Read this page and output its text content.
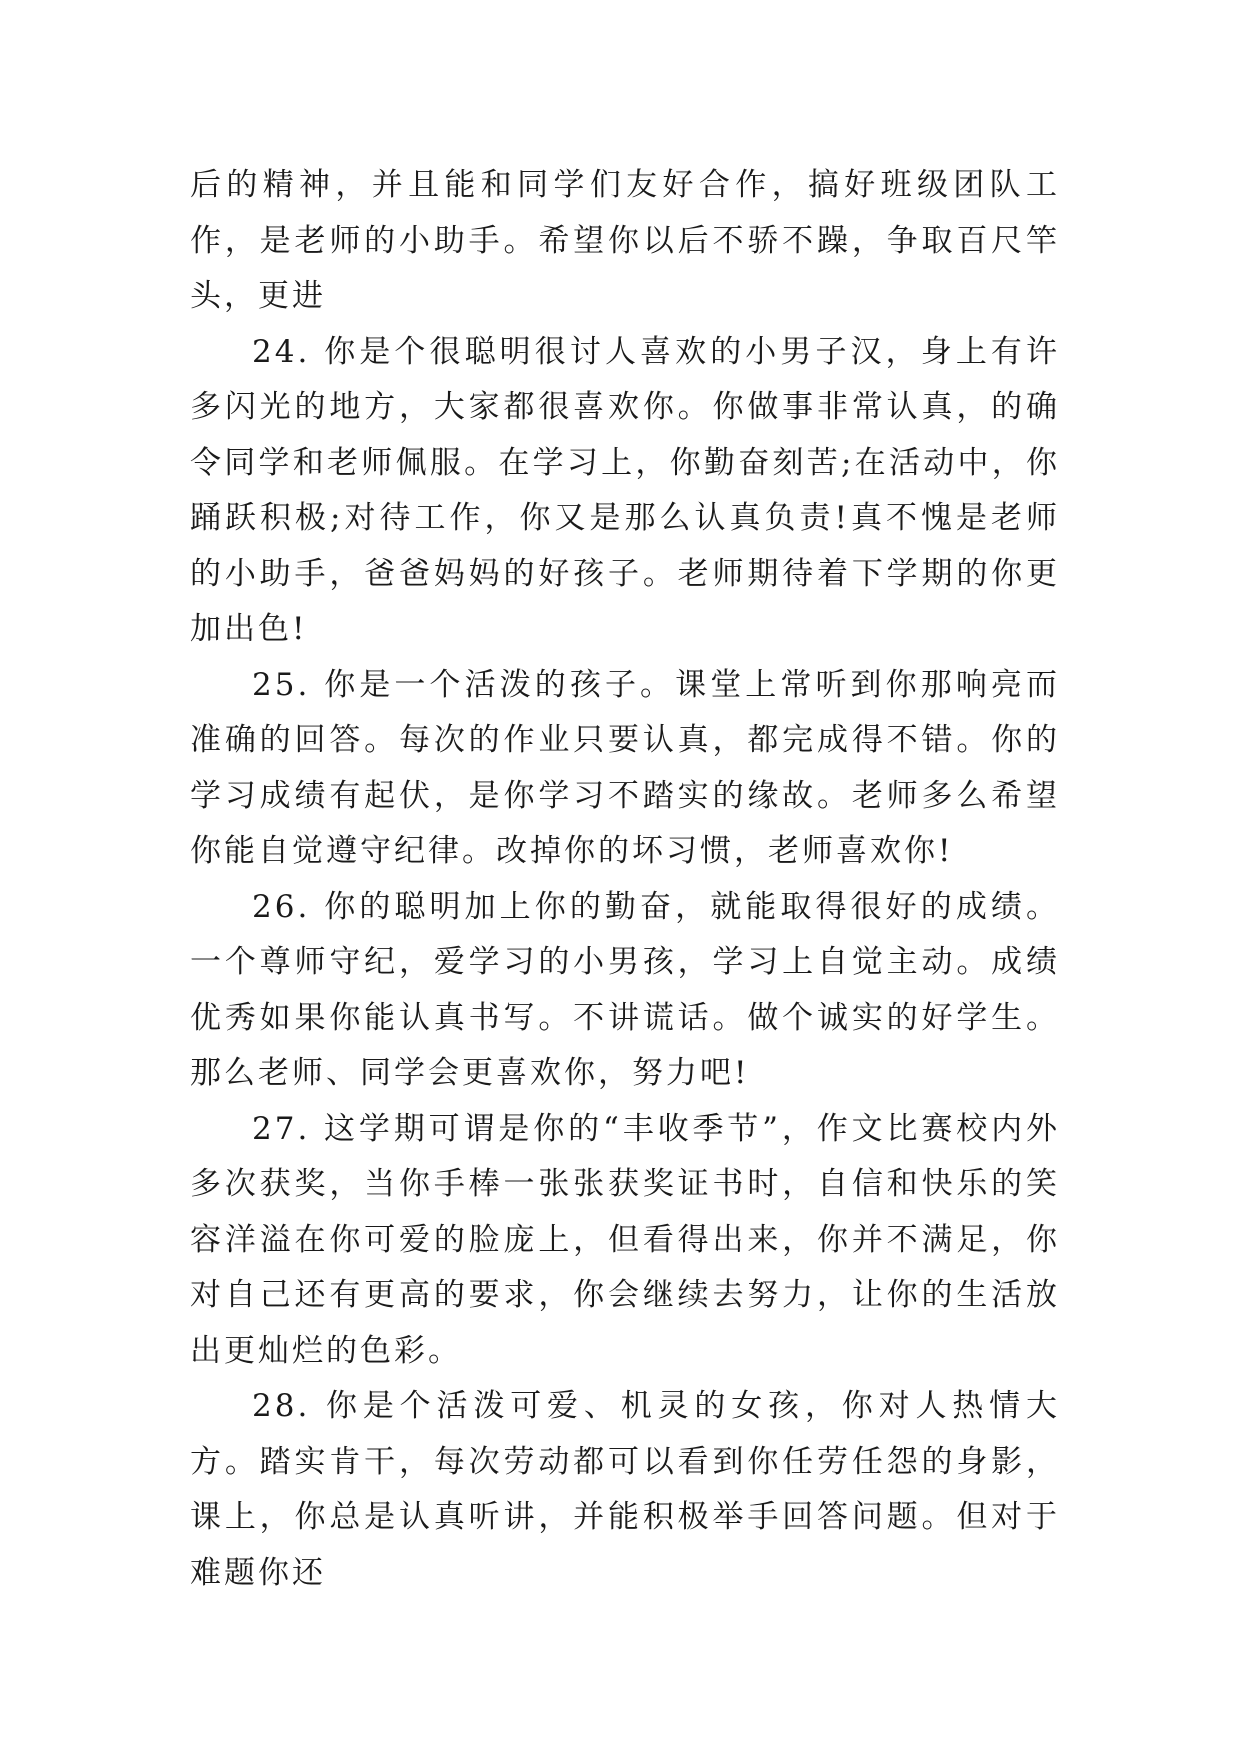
后的精神，并且能和同学们友好合作，搞好班级团队工作，是老师的小助手。希望你以后不骄不躁，争取百尺竿头，更进

24. 你是个很聪明很讨人喜欢的小男子汉，身上有许多闪光的地方，大家都很喜欢你。你做事非常认真，的确令同学和老师佩服。在学习上，你勤奋刻苦;在活动中，你踊跃积极;对待工作，你又是那么认真负责!真不愧是老师的小助手，爸爸妈妈的好孩子。老师期待着下学期的你更加出色!

25. 你是一个活泼的孩子。课堂上常听到你那响亮而准确的回答。每次的作业只要认真，都完成得不错。你的学习成绩有起伏，是你学习不踏实的缘故。老师多么希望你能自觉遵守纪律。改掉你的坏习惯，老师喜欢你!

26. 你的聪明加上你的勤奋，就能取得很好的成绩。一个尊师守纪，爱学习的小男孩，学习上自觉主动。成绩优秀如果你能认真书写。不讲谎话。做个诚实的好学生。那么老师、同学会更喜欢你，努力吧!

27. 这学期可谓是你的“丰收季节”，作文比赛校内外多次获奖，当你手棒一张张获奖证书时，自信和快乐的笑容洋溢在你可爱的脸庞上，但看得出来，你并不满足，你对自己还有更高的要求，你会继续去努力，让你的生活放出更灿烂的色彩。

28. 你是个活泼可爱、机灵的女孩，你对人热情大方。踏实肯干，每次劳动都可以看到你任劳任怨的身影，课上，你总是认真听讲，并能积极举手回答问题。但对于难题你还
